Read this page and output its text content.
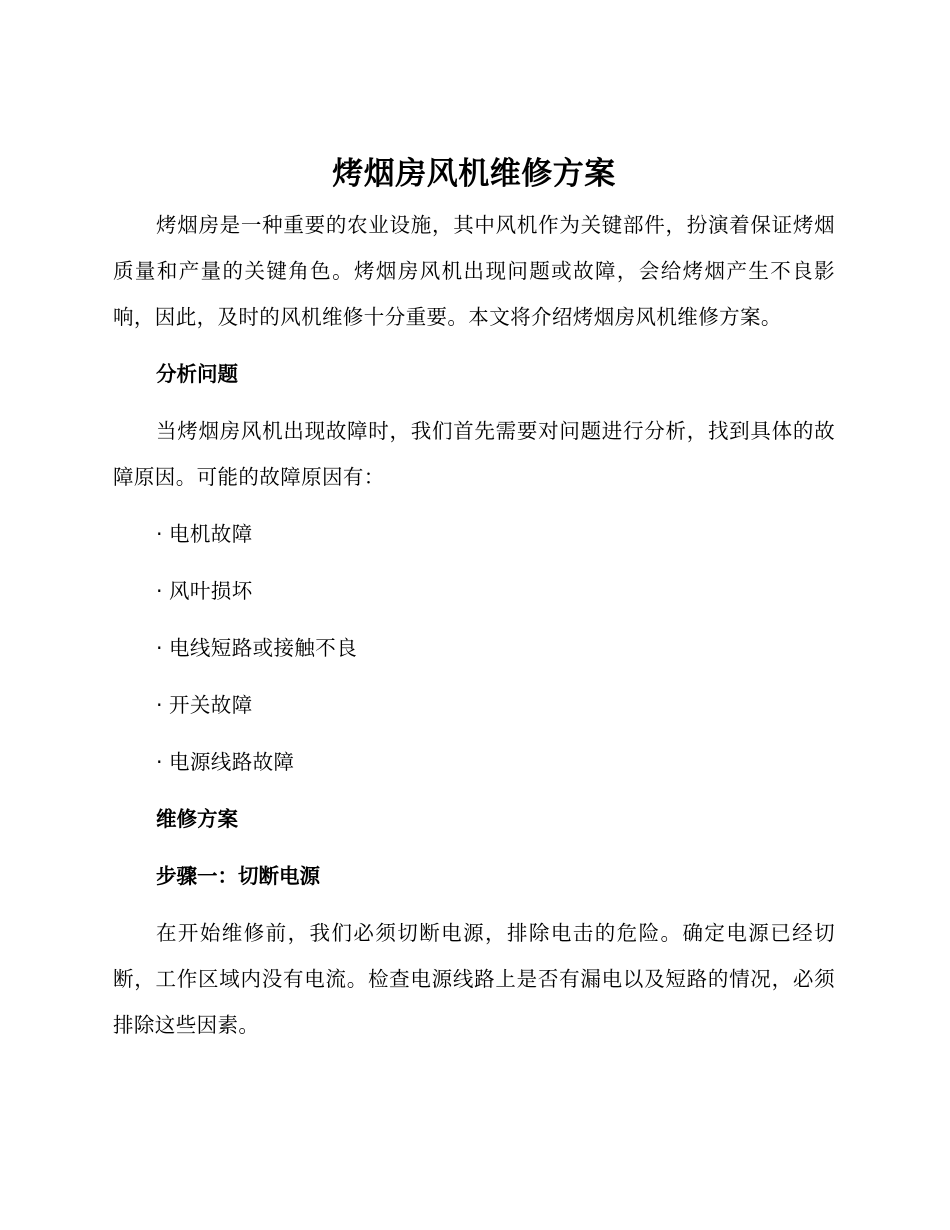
烤烟房风机维修方案

烤烟房是一种重要的农业设施，其中风机作为关键部件，扮演着保证烤烟质量和产量的关键角色。烤烟房风机出现问题或故障，会给烤烟产生不良影响，因此，及时的风机维修十分重要。本文将介绍烤烟房风机维修方案。

分析问题

当烤烟房风机出现故障时，我们首先需要对问题进行分析，找到具体的故障原因。可能的故障原因有：

· 电机故障
· 风叶损坏
· 电线短路或接触不良
· 开关故障
· 电源线路故障
维修方案
步骤一：切断电源

在开始维修前，我们必须切断电源，排除电击的危险。确定电源已经切断，工作区域内没有电流。检查电源线路上是否有漏电以及短路的情况，必须排除这些因素。
